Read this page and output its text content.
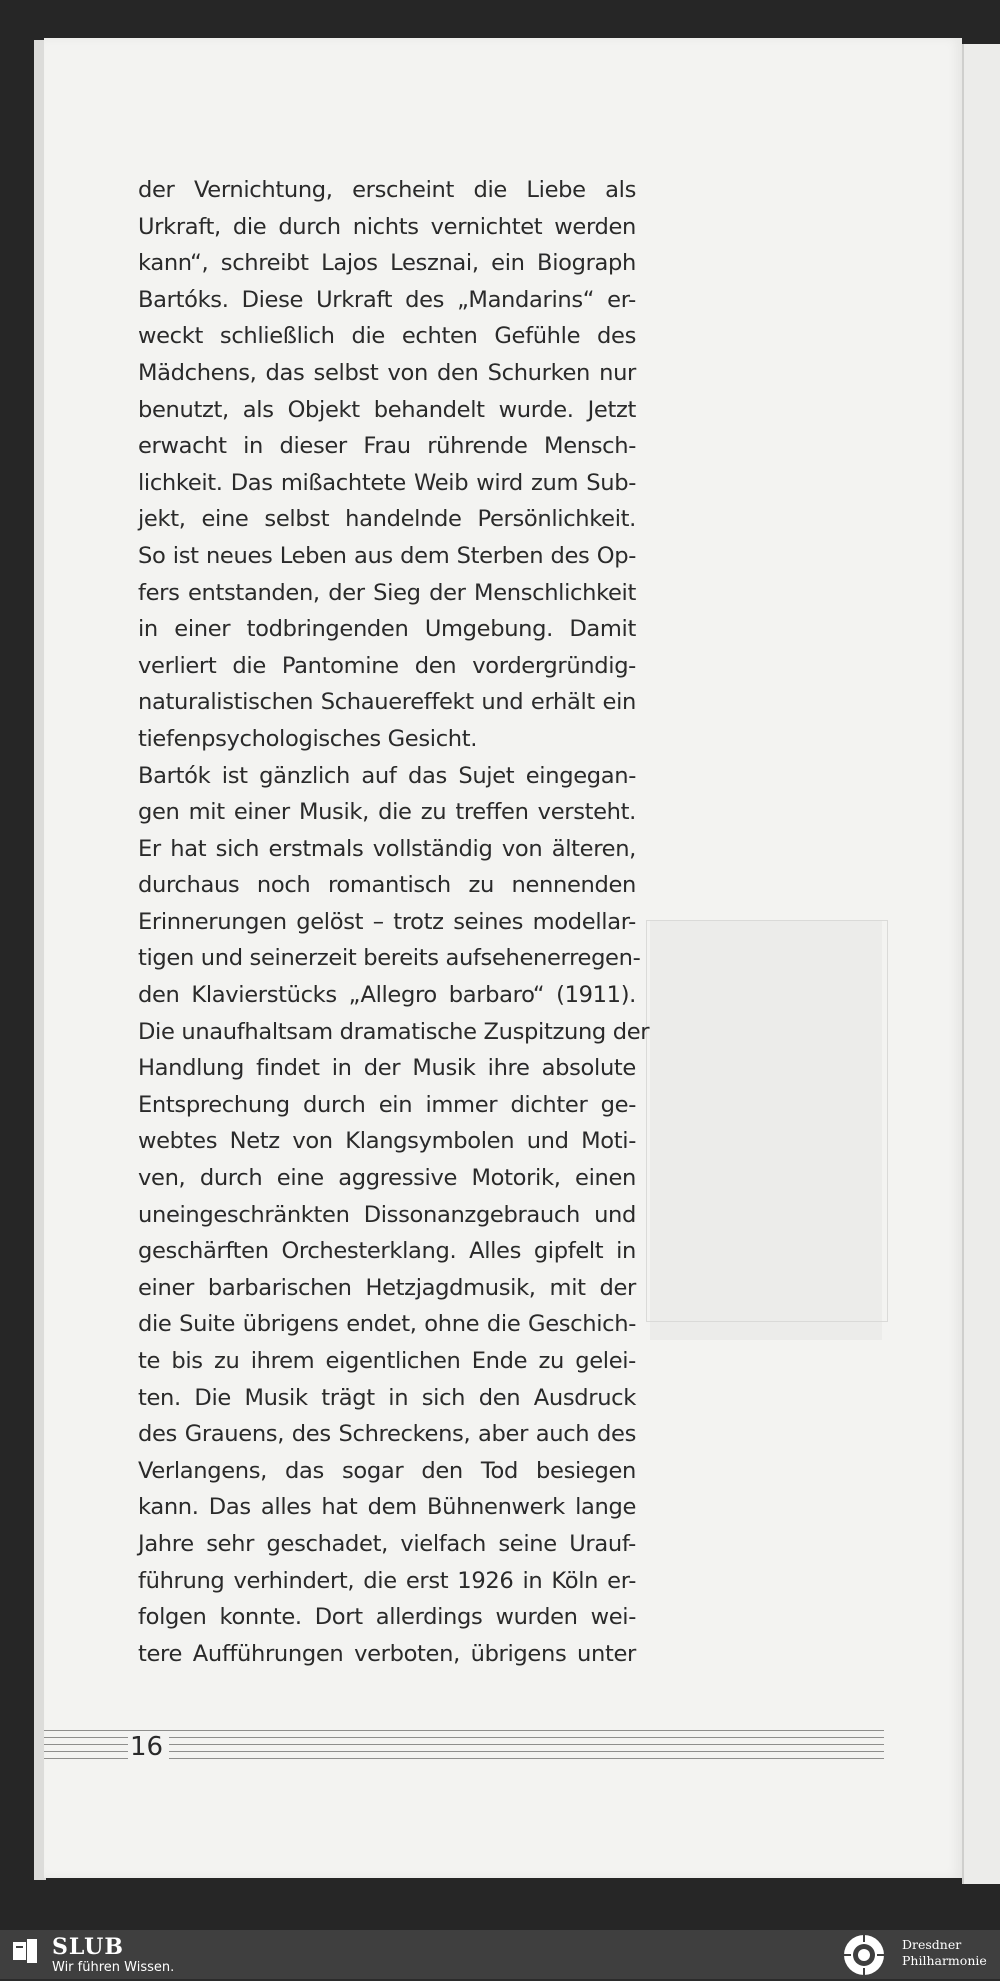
der Vernichtung, erscheint die Liebe als
Urkraft, die durch nichts vernichtet werden
kann“, schreibt Lajos Lesznai, ein Biograph
Bartóks. Diese Urkraft des „Mandarins“ er-
weckt schließlich die echten Gefühle des
Mädchens, das selbst von den Schurken nur
benutzt, als Objekt behandelt wurde. Jetzt
erwacht in dieser Frau rührende Mensch-
lichkeit. Das mißachtete Weib wird zum Sub-
jekt, eine selbst handelnde Persönlichkeit.
So ist neues Leben aus dem Sterben des Op-
fers entstanden, der Sieg der Menschlichkeit
in einer todbringenden Umgebung. Damit
verliert die Pantomine den vordergründig-
naturalistischen Schauereffekt und erhält ein
tiefenpsychologisches Gesicht.
Bartók ist gänzlich auf das Sujet eingegan-
gen mit einer Musik, die zu treffen versteht.
Er hat sich erstmals vollständig von älteren,
durchaus noch romantisch zu nennenden
Erinnerungen gelöst – trotz seines modellar-
tigen und seinerzeit bereits aufsehenerregen-
den Klavierstücks „Allegro barbaro“ (1911).
Die unaufhaltsam dramatische Zuspitzung der
Handlung findet in der Musik ihre absolute
Entsprechung durch ein immer dichter ge-
webtes Netz von Klangsymbolen und Moti-
ven, durch eine aggressive Motorik, einen
uneingeschränkten Dissonanzgebrauch und
geschärften Orchesterklang. Alles gipfelt in
einer barbarischen Hetzjagdmusik, mit der
die Suite übrigens endet, ohne die Geschich-
te bis zu ihrem eigentlichen Ende zu gelei-
ten. Die Musik trägt in sich den Ausdruck
des Grauens, des Schreckens, aber auch des
Verlangens, das sogar den Tod besiegen
kann. Das alles hat dem Bühnenwerk lange
Jahre sehr geschadet, vielfach seine Urauf-
führung verhindert, die erst 1926 in Köln er-
folgen konnte. Dort allerdings wurden wei-
tere Aufführungen verboten, übrigens unter
16
SLUB
Wir führen Wissen.
Dresdner
Philharmonie
